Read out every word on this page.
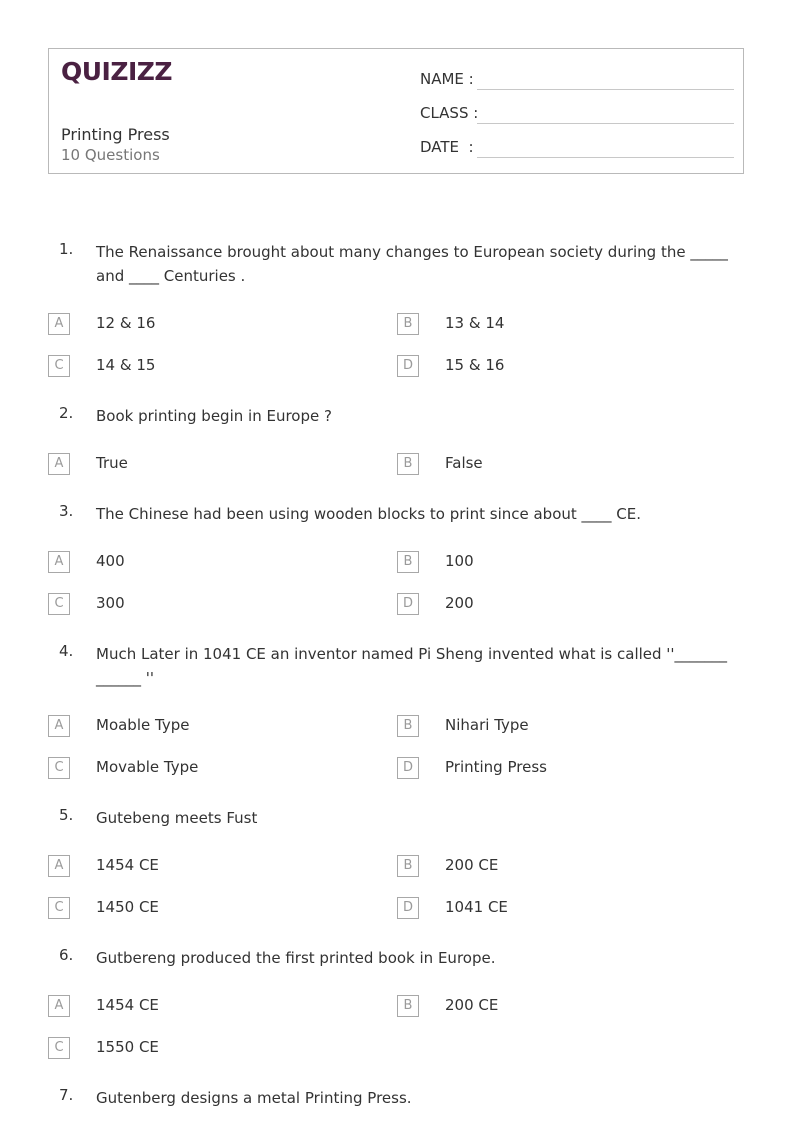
QUIZIZZ
Printing Press
10 Questions
NAME :
CLASS :
DATE  :
1. The Renaissance brought about many changes to European society during the _____ and ____ Centuries .
A	12 & 16	B	13 & 14
C	14 & 15	D	15 & 16
2. Book printing begin in Europe ?
A	True	B	False
3. The Chinese had been using wooden blocks to print since about ____ CE.
A	400	B	100
C	300	D	200
4. Much Later in 1041 CE an inventor named Pi Sheng invented what is called ''_______ ______ ''
A	Moable Type	B	Nihari Type
C	Movable Type	D	Printing Press
5. Gutebeng meets Fust
A	1454 CE	B	200 CE
C	1450 CE	D	1041 CE
6. Gutbereng produced the first printed book in Europe.
A	1454 CE	B	200 CE
C	1550 CE
7. Gutenberg designs a metal Printing Press.
